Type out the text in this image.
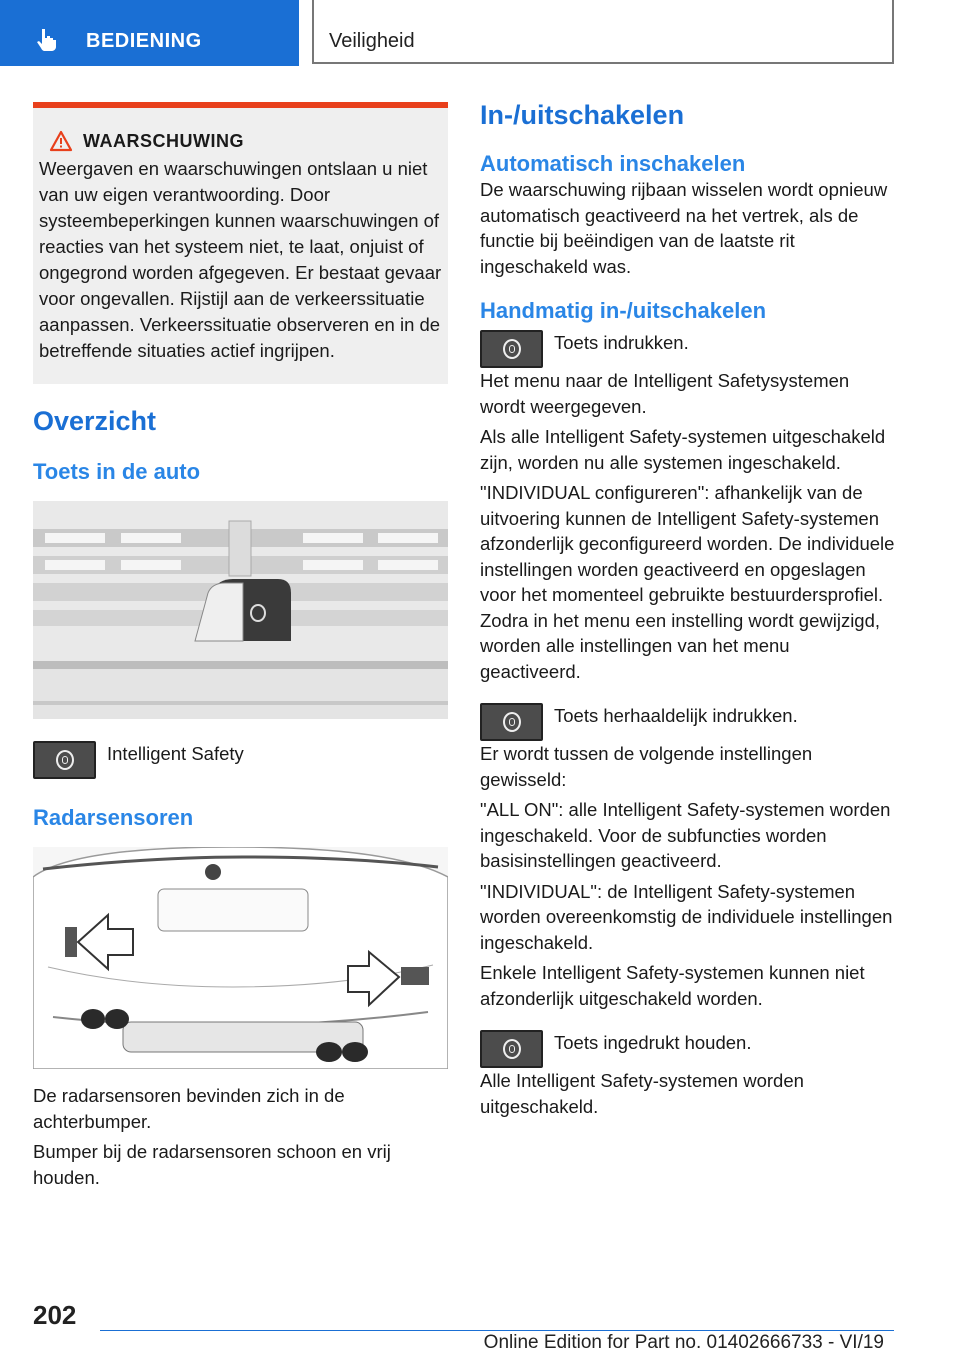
BEDIENING	Veiligheid
WAARSCHUWING

Weergaven en waarschuwingen ontslaan u niet van uw eigen verantwoording. Door systeembeperkingen kunnen waarschuwingen of reacties van het systeem niet, te laat, onjuist of ongegrond worden afgegeven. Er bestaat gevaar voor ongevallen. Rijstijl aan de verkeerssituatie aanpassen. Verkeerssituatie observeren en in de betreffende situaties actief ingrijpen.

Overzicht
Toets in de auto

Intelligent Safety

Radarsensoren

De radarsensoren bevinden zich in de achterbumper.

Bumper bij de radarsensoren schoon en vrij houden.

In-/uitschakelen
Automatisch inschakelen

De waarschuwing rijbaan wisselen wordt opnieuw automatisch geactiveerd na het vertrek, als de functie bij beëindigen van de laatste rit ingeschakeld was.

Handmatig in-/uitschakelen

Toets indrukken.

Het menu naar de Intelligent Safetysystemen wordt weergegeven.

Als alle Intelligent Safety-systemen uitgeschakeld zijn, worden nu alle systemen ingeschakeld.

"INDIVIDUAL configureren": afhankelijk van de uitvoering kunnen de Intelligent Safety-systemen afzonderlijk geconfigureerd worden. De individuele instellingen worden geactiveerd en opgeslagen voor het momenteel gebruikte bestuurdersprofiel. Zodra in het menu een instelling wordt gewijzigd, worden alle instellingen van het menu geactiveerd.

Toets herhaaldelijk indrukken.

Er wordt tussen de volgende instellingen gewisseld:

"ALL ON": alle Intelligent Safety-systemen worden ingeschakeld. Voor de subfuncties worden basisinstellingen geactiveerd.

"INDIVIDUAL": de Intelligent Safety-systemen worden overeenkomstig de individuele instellingen ingeschakeld.

Enkele Intelligent Safety-systemen kunnen niet afzonderlijk uitgeschakeld worden.

Toets ingedrukt houden.

Alle Intelligent Safety-systemen worden uitgeschakeld.

202
Online Edition for Part no. 01402666733 - VI/19
